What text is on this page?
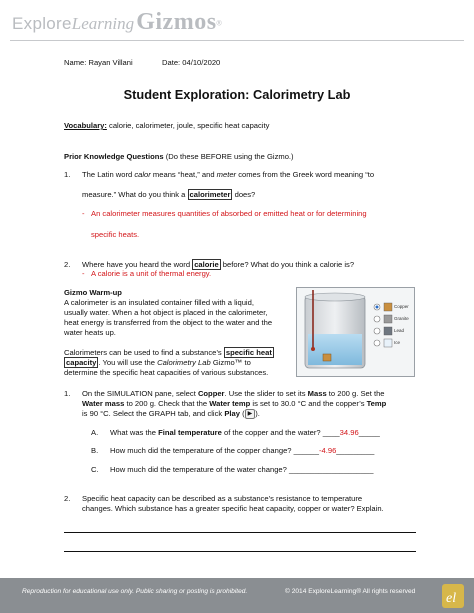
ExploreLearning Gizmos®
Name: Rayan Villani	Date: 04/10/2020
Student Exploration: Calorimetry Lab
Vocabulary: calorie, calorimeter, joule, specific heat capacity
Prior Knowledge Questions (Do these BEFORE using the Gizmo.)
1. The Latin word calor means “heat,” and meter comes from the Greek word meaning “to
measure.” What do you think a calorimeter does?
- An calorimeter measures quantities of absorbed or emitted heat or for determining
specific heats.
2. Where have you heard the word calorie before? What do you think a calorie is?
- A calorie is a unit of thermal energy.
Gizmo Warm-up
A calorimeter is an insulated container filled with a liquid,
usually water. When a hot object is placed in the calorimeter,
heat energy is transferred from the object to the water and the
water heats up.
Calorimeters can be used to find a substance’s specific heat
capacity . You will use the Calorimetry Lab Gizmo™ to
determine the specific heat capacities of various substances.
Copper
Granite
Lead
Ice
1. On the SIMULATION pane, select Copper. Use the slider to set its Mass to 200 g. Set the
Water mass to 200 g. Check that the Water temp is set to 30.0 °C and the copper’s Temp
is 90 °C. Select the GRAPH tab, and click Play ( ▶ ).
A. What was the Final temperature of the copper and the water? ____34.96_____
B. How much did the temperature of the copper change? ______-4.96_________
C. How much did the temperature of the water change? ____________________
2. Specific heat capacity can be described as a substance’s resistance to temperature
changes. Which substance has a greater specific heat capacity, copper or water? Explain.
Reproduction for educational use only. Public sharing or posting is prohibited.	© 2014 ExploreLearning® All rights reserved el
